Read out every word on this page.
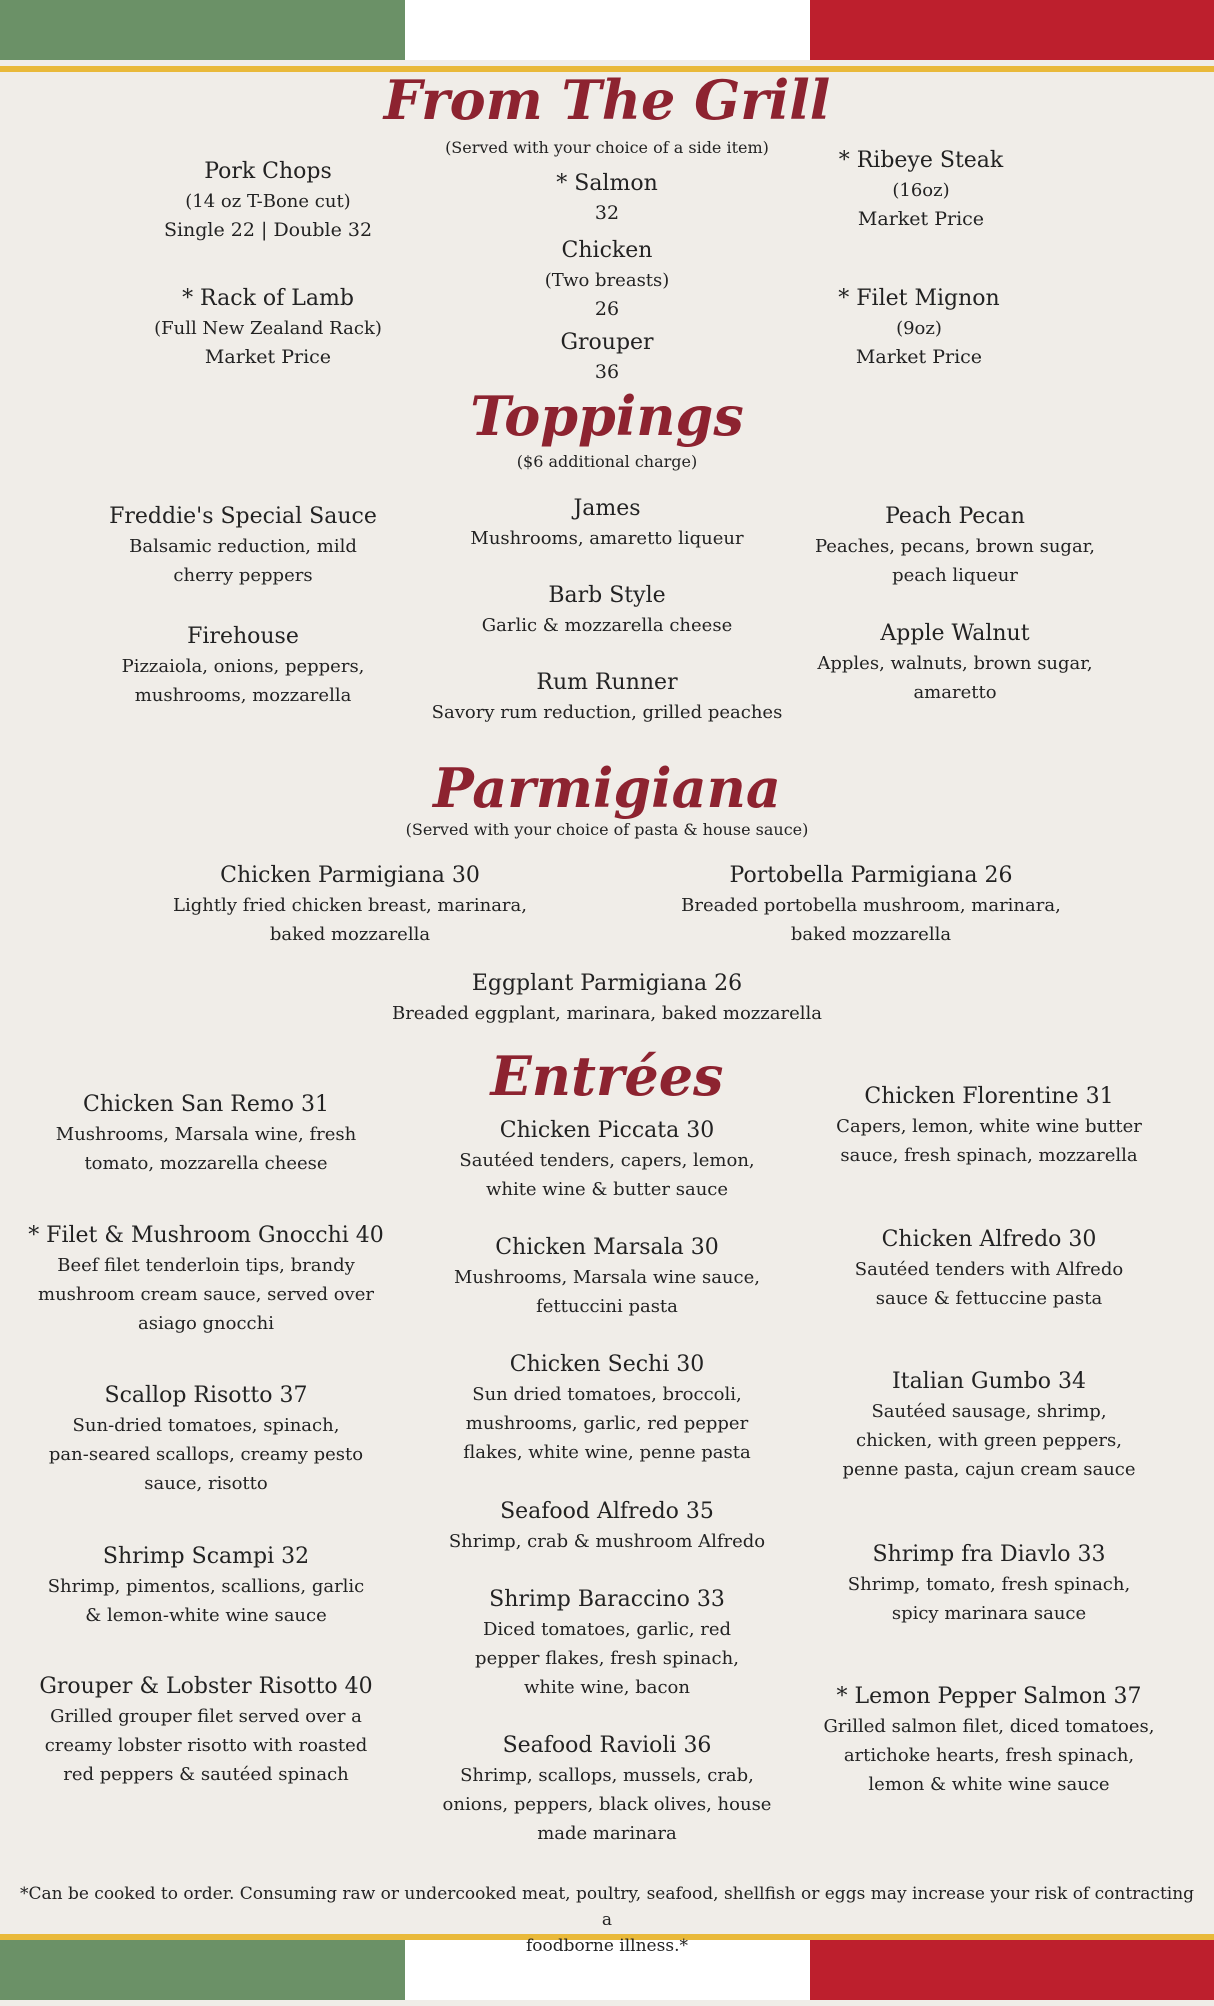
From The Grill
(Served with your choice of a side item)
Pork Chops
(14 oz T-Bone cut)
Single 22 | Double 32
* Rack of Lamb
(Full New Zealand Rack)
Market Price
* Salmon
32
Chicken
(Two breasts)
26
Grouper
36
* Ribeye Steak
(16oz)
Market Price
* Filet Mignon
(9oz)
Market Price
Toppings
($6 additional charge)
Freddie's Special Sauce
Balsamic reduction, mild
cherry peppers
Firehouse
Pizzaiola, onions, peppers,
mushrooms, mozzarella
James
Mushrooms, amaretto liqueur
Barb Style
Garlic & mozzarella cheese
Rum Runner
Savory rum reduction, grilled peaches
Peach Pecan
Peaches, pecans, brown sugar,
peach liqueur
Apple Walnut
Apples, walnuts, brown sugar,
amaretto
Parmigiana
(Served with your choice of pasta & house sauce)
Chicken Parmigiana 30
Lightly fried chicken breast, marinara,
baked mozzarella
Portobella Parmigiana 26
Breaded portobella mushroom, marinara,
baked mozzarella
Eggplant Parmigiana 26
Breaded eggplant, marinara, baked mozzarella
Entrées
Chicken San Remo 31
Mushrooms, Marsala wine, fresh
tomato, mozzarella cheese
* Filet & Mushroom Gnocchi 40
Beef filet tenderloin tips, brandy
mushroom cream sauce, served over
asiago gnocchi
Scallop Risotto 37
Sun-dried tomatoes, spinach,
pan-seared scallops, creamy pesto
sauce, risotto
Shrimp Scampi 32
Shrimp, pimentos, scallions, garlic
& lemon-white wine sauce
Grouper & Lobster Risotto 40
Grilled grouper filet served over a
creamy lobster risotto with roasted
red peppers & sautéed spinach
Chicken Piccata 30
Sautéed tenders, capers, lemon,
white wine & butter sauce
Chicken Marsala 30
Mushrooms, Marsala wine sauce,
fettuccini pasta
Chicken Sechi 30
Sun dried tomatoes, broccoli,
mushrooms, garlic, red pepper
flakes, white wine, penne pasta
Seafood Alfredo 35
Shrimp, crab & mushroom Alfredo
Shrimp Baraccino 33
Diced tomatoes, garlic, red
pepper flakes, fresh spinach,
white wine, bacon
Seafood Ravioli 36
Shrimp, scallops, mussels, crab,
onions, peppers, black olives, house
made marinara
Chicken Florentine 31
Capers, lemon, white wine butter
sauce, fresh spinach, mozzarella
Chicken Alfredo 30
Sautéed tenders with Alfredo
sauce & fettuccine pasta
Italian Gumbo 34
Sautéed sausage, shrimp,
chicken, with green peppers,
penne pasta, cajun cream sauce
Shrimp fra Diavlo 33
Shrimp, tomato, fresh spinach,
spicy marinara sauce
* Lemon Pepper Salmon 37
Grilled salmon filet, diced tomatoes,
artichoke hearts, fresh spinach,
lemon & white wine sauce
*Can be cooked to order. Consuming raw or undercooked meat, poultry, seafood, shellfish or eggs may increase your risk of contracting a
foodborne illness.*
